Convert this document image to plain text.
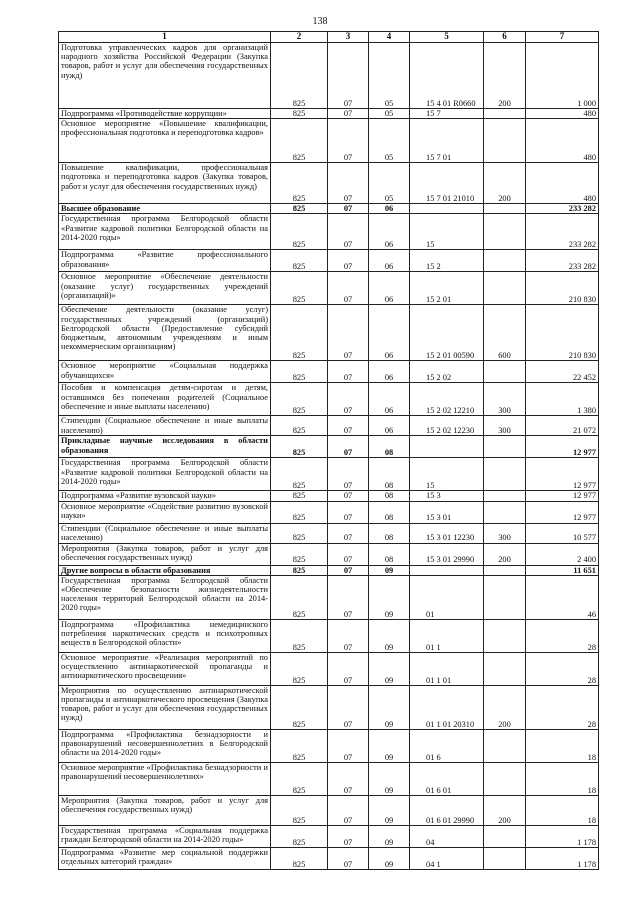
138
1	2	3	4	5	6	7
Подготовка управленческих кадров для организаций народного хозяйства Российской Федерации (Закупка товаров, работ и услуг для обеспечения государственных нужд)	825	07	05	15 4 01 R0660	200	1 000
Подпрограмма «Противодействие коррупции»	825	07	05	15 7		480
Основное мероприятие «Повышение квалификации, профессиональная подготовка и переподготовка кадров»	825	07	05	15 7 01		480
Повышение квалификации, профессиональная подготовка и переподготовка кадров (Закупка товаров, работ и услуг для обеспечения государственных нужд)	825	07	05	15 7 01 21010	200	480
Высшее образование	825	07	06			233 282
Государственная программа Белгородской области «Развитие кадровой политики Белгородской области на 2014-2020 годы»	825	07	06	15		233 282
Подпрограмма «Развитие профессионального образования»	825	07	06	15 2		233 282
Основное мероприятие «Обеспечение деятельности (оказание услуг) государственных учреждений (организаций)»	825	07	06	15 2 01		210 830
Обеспечение деятельности (оказание услуг) государственных учреждений (организаций) Белгородской области (Предоставление субсидий бюджетным, автономным учреждениям и иным некоммерческим организациям)	825	07	06	15 2 01 00590	600	210 830
Основное мероприятие «Социальная поддержка обучающихся»	825	07	06	15 2 02		22 452
Пособия и компенсация детям-сиротам и детям, оставшимся без попечения родителей (Социальное обеспечение и иные выплаты населению)	825	07	06	15 2 02 12210	300	1 380
Стипендии (Социальное обеспечение и иные выплаты населению)	825	07	06	15 2 02 12230	300	21 072
Прикладные научные исследования в области образования	825	07	08			12 977
Государственная программа Белгородской области «Развитие кадровой политики Белгородской области на 2014-2020 годы»	825	07	08	15		12 977
Подпрограмма «Развитие вузовской науки»	825	07	08	15 3		12 977
Основное мероприятие «Содействие развитию вузовской науки»	825	07	08	15 3 01		12 977
Стипендии (Социальное обеспечение и иные выплаты населению)	825	07	08	15 3 01 12230	300	10 577
Мероприятия (Закупка товаров, работ и услуг для обеспечения государственных нужд)	825	07	08	15 3 01 29990	200	2 400
Другие вопросы в области образования	825	07	09			11 651
Государственная программа Белгородской области «Обеспечение безопасности жизнедеятельности населения территорий Белгородской области на 2014-2020 годы»	825	07	09	01		46
Подпрограмма «Профилактика немедицинского потребления наркотических средств и психотропных веществ в Белгородской области»	825	07	09	01 1		28
Основное мероприятие «Реализация мероприятий по осуществлению антинаркотической пропаганды и антинаркотического просвещения»	825	07	09	01 1 01		28
Мероприятия по осуществлению антинаркотической пропаганды и антинаркотического просвещения (Закупка товаров, работ и услуг для обеспечения государственных нужд)	825	07	09	01 1 01 20310	200	28
Подпрограмма «Профилактика безнадзорности и правонарушений несовершеннолетних в Белгородской области на 2014-2020 годы»	825	07	09	01 6		18
Основное мероприятие «Профилактика безнадзорности и правонарушений несовершеннолетних»	825	07	09	01 6 01		18
Мероприятия (Закупка товаров, работ и услуг для обеспечения государственных нужд)	825	07	09	01 6 01 29990	200	18
Государственная программа «Социальная поддержка граждан Белгородской области на 2014-2020 годы»	825	07	09	04		1 178
Подпрограмма «Развитие мер социальной поддержки отдельных категорий граждан»	825	07	09	04 1		1 178
